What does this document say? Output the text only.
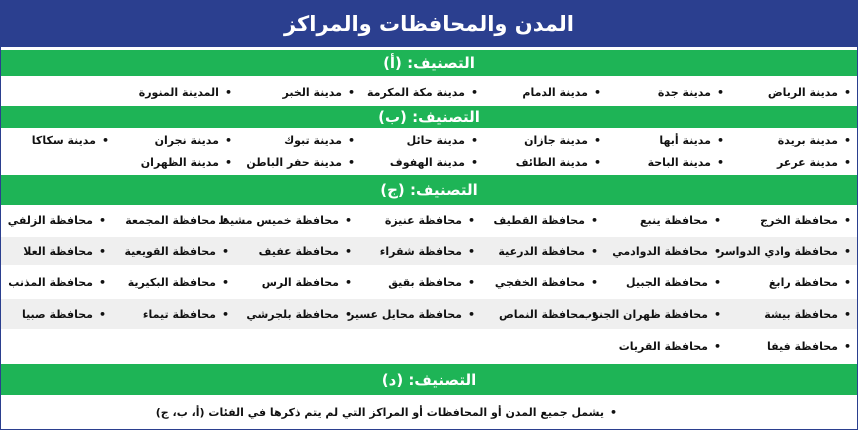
المدن والمحافظات والمراكز
التصنيف: (أ)
• مدينة الرياض
• مدينة جدة
• مدينة الدمام
• مدينة مكة المكرمة
• مدينة الخبر
• المدينة المنورة
التصنيف: (ب)
• مدينة بريدة
• مدينة أبها
• مدينة جازان
• مدينة حائل
• مدينة تبوك
• مدينة نجران
• مدينة سكاكا
• مدينة عرعر
• مدينة الباحة
• مدينة الطائف
• مدينة الهفوف
• مدينة حفر الباطن
• مدينة الظهران
التصنيف: (ج)
• محافظة الخرج
• محافظة ينبع
• محافظة القطيف
• محافظة عنيزة
• محافظة خميس مشيط
• محافظة المجمعة
• محافظة الزلفي
• محافظة وادي الدواسر
• محافظة الدوادمي
• محافظة الدرعية
• محافظة شقراء
• محافظة عفيف
• محافظة القويعية
• محافظة العلا
• محافظة رابغ
• محافظة الجبيل
• محافظة الخفجي
• محافظة بقيق
• محافظة الرس
• محافظة البكيرية
• محافظة المذنب
• محافظة بيشة
• محافظة ظهران الجنوب
• محافظة النماص
• محافظة محايل عسير
• محافظة بلجرشي
• محافظة تيماء
• محافظة صبيا
• محافظة فيفا
• محافظة القريات
التصنيف: (د)
• يشمل جميع المدن أو المحافظات أو المراكز التي لم يتم ذكرها في الفئات (أ، ب، ج)
